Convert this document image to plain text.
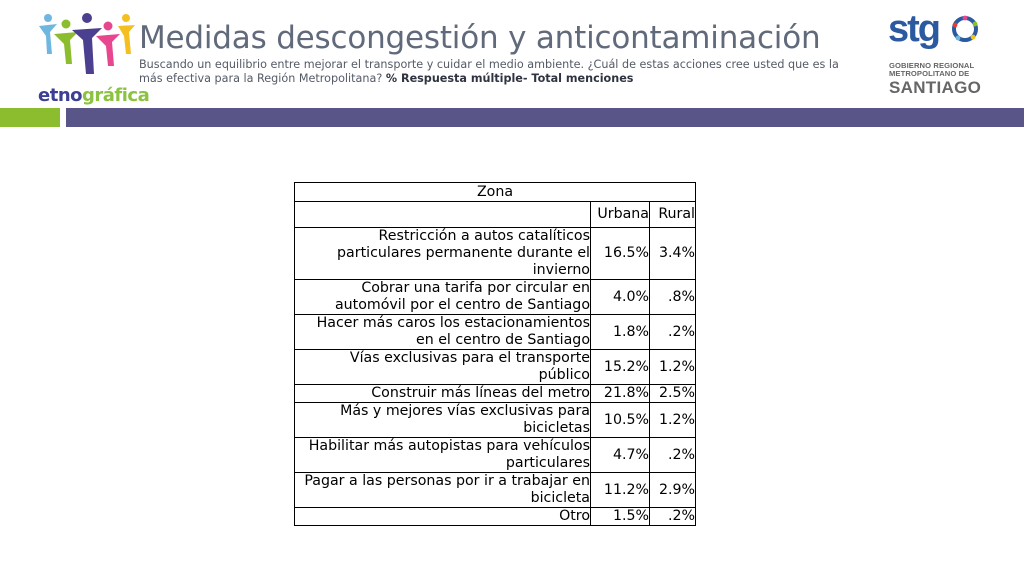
etnográfica
Medidas descongestión y anticontaminación
Buscando un equilibrio entre mejorar el transporte y cuidar el medio ambiente. ¿Cuál de estas acciones cree usted que es la más efectiva para la Región Metropolitana? % Respuesta múltiple- Total menciones
stg
GOBIERNO REGIONAL
METROPOLITANO DE
SANTIAGO
Zona		
	Urbana	Rural
Restricción a autos catalíticos particulares permanente durante el invierno	16.5%	3.4%
Cobrar una tarifa por circular en automóvil por el centro de Santiago	4.0%	.8%
Hacer más caros los estacionamientos en el centro de Santiago	1.8%	.2%
Vías exclusivas para el transporte público	15.2%	1.2%
Construir más líneas del metro	21.8%	2.5%
Más y mejores vías exclusivas para bicicletas	10.5%	1.2%
Habilitar más autopistas para vehículos particulares	4.7%	.2%
Pagar a las personas por ir a trabajar en bicicleta	11.2%	2.9%
Otro	1.5%	.2%
